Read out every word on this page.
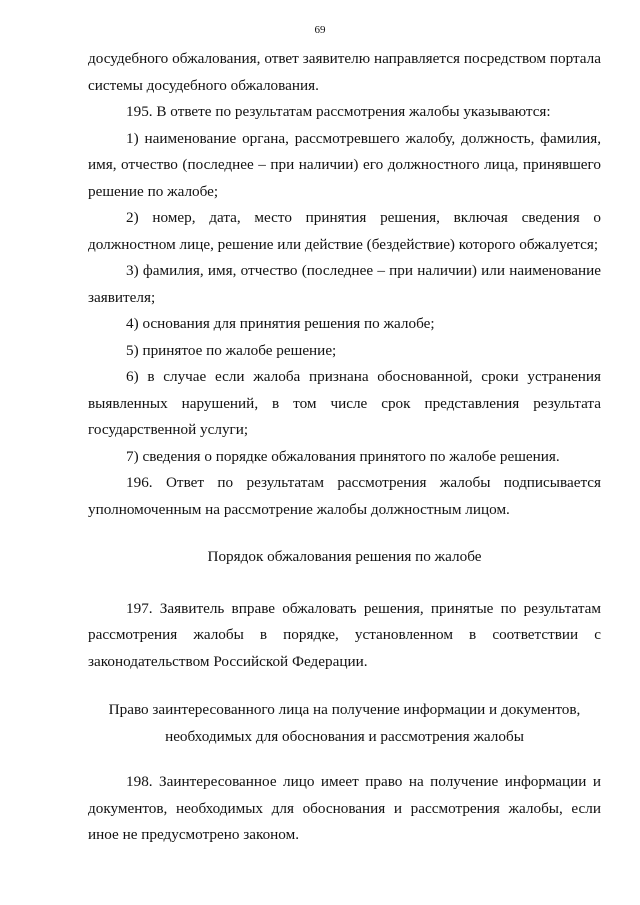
69

досудебного обжалования, ответ заявителю направляется посредством портала системы досудебного обжалования.

195. В ответе по результатам рассмотрения жалобы указываются:

1) наименование органа, рассмотревшего жалобу, должность, фамилия, имя, отчество (последнее – при наличии) его должностного лица, принявшего решение по жалобе;

2) номер, дата, место принятия решения, включая сведения о должностном лице, решение или действие (бездействие) которого обжалуется;

3) фамилия, имя, отчество (последнее – при наличии) или наименование заявителя;

4) основания для принятия решения по жалобе;

5) принятое по жалобе решение;

6) в случае если жалоба признана обоснованной, сроки устранения выявленных нарушений, в том числе срок представления результата государственной услуги;

7) сведения о порядке обжалования принятого по жалобе решения.

196. Ответ по результатам рассмотрения жалобы подписывается уполномоченным на рассмотрение жалобы должностным лицом.

Порядок обжалования решения по жалобе

197. Заявитель вправе обжаловать решения, принятые по результатам рассмотрения жалобы в порядке, установленном в соответствии с законодательством Российской Федерации.

Право заинтересованного лица на получение информации и документов,
необходимых для обоснования и рассмотрения жалобы

198. Заинтересованное лицо имеет право на получение информации и документов, необходимых для обоснования и рассмотрения жалобы, если иное не предусмотрено законом.
